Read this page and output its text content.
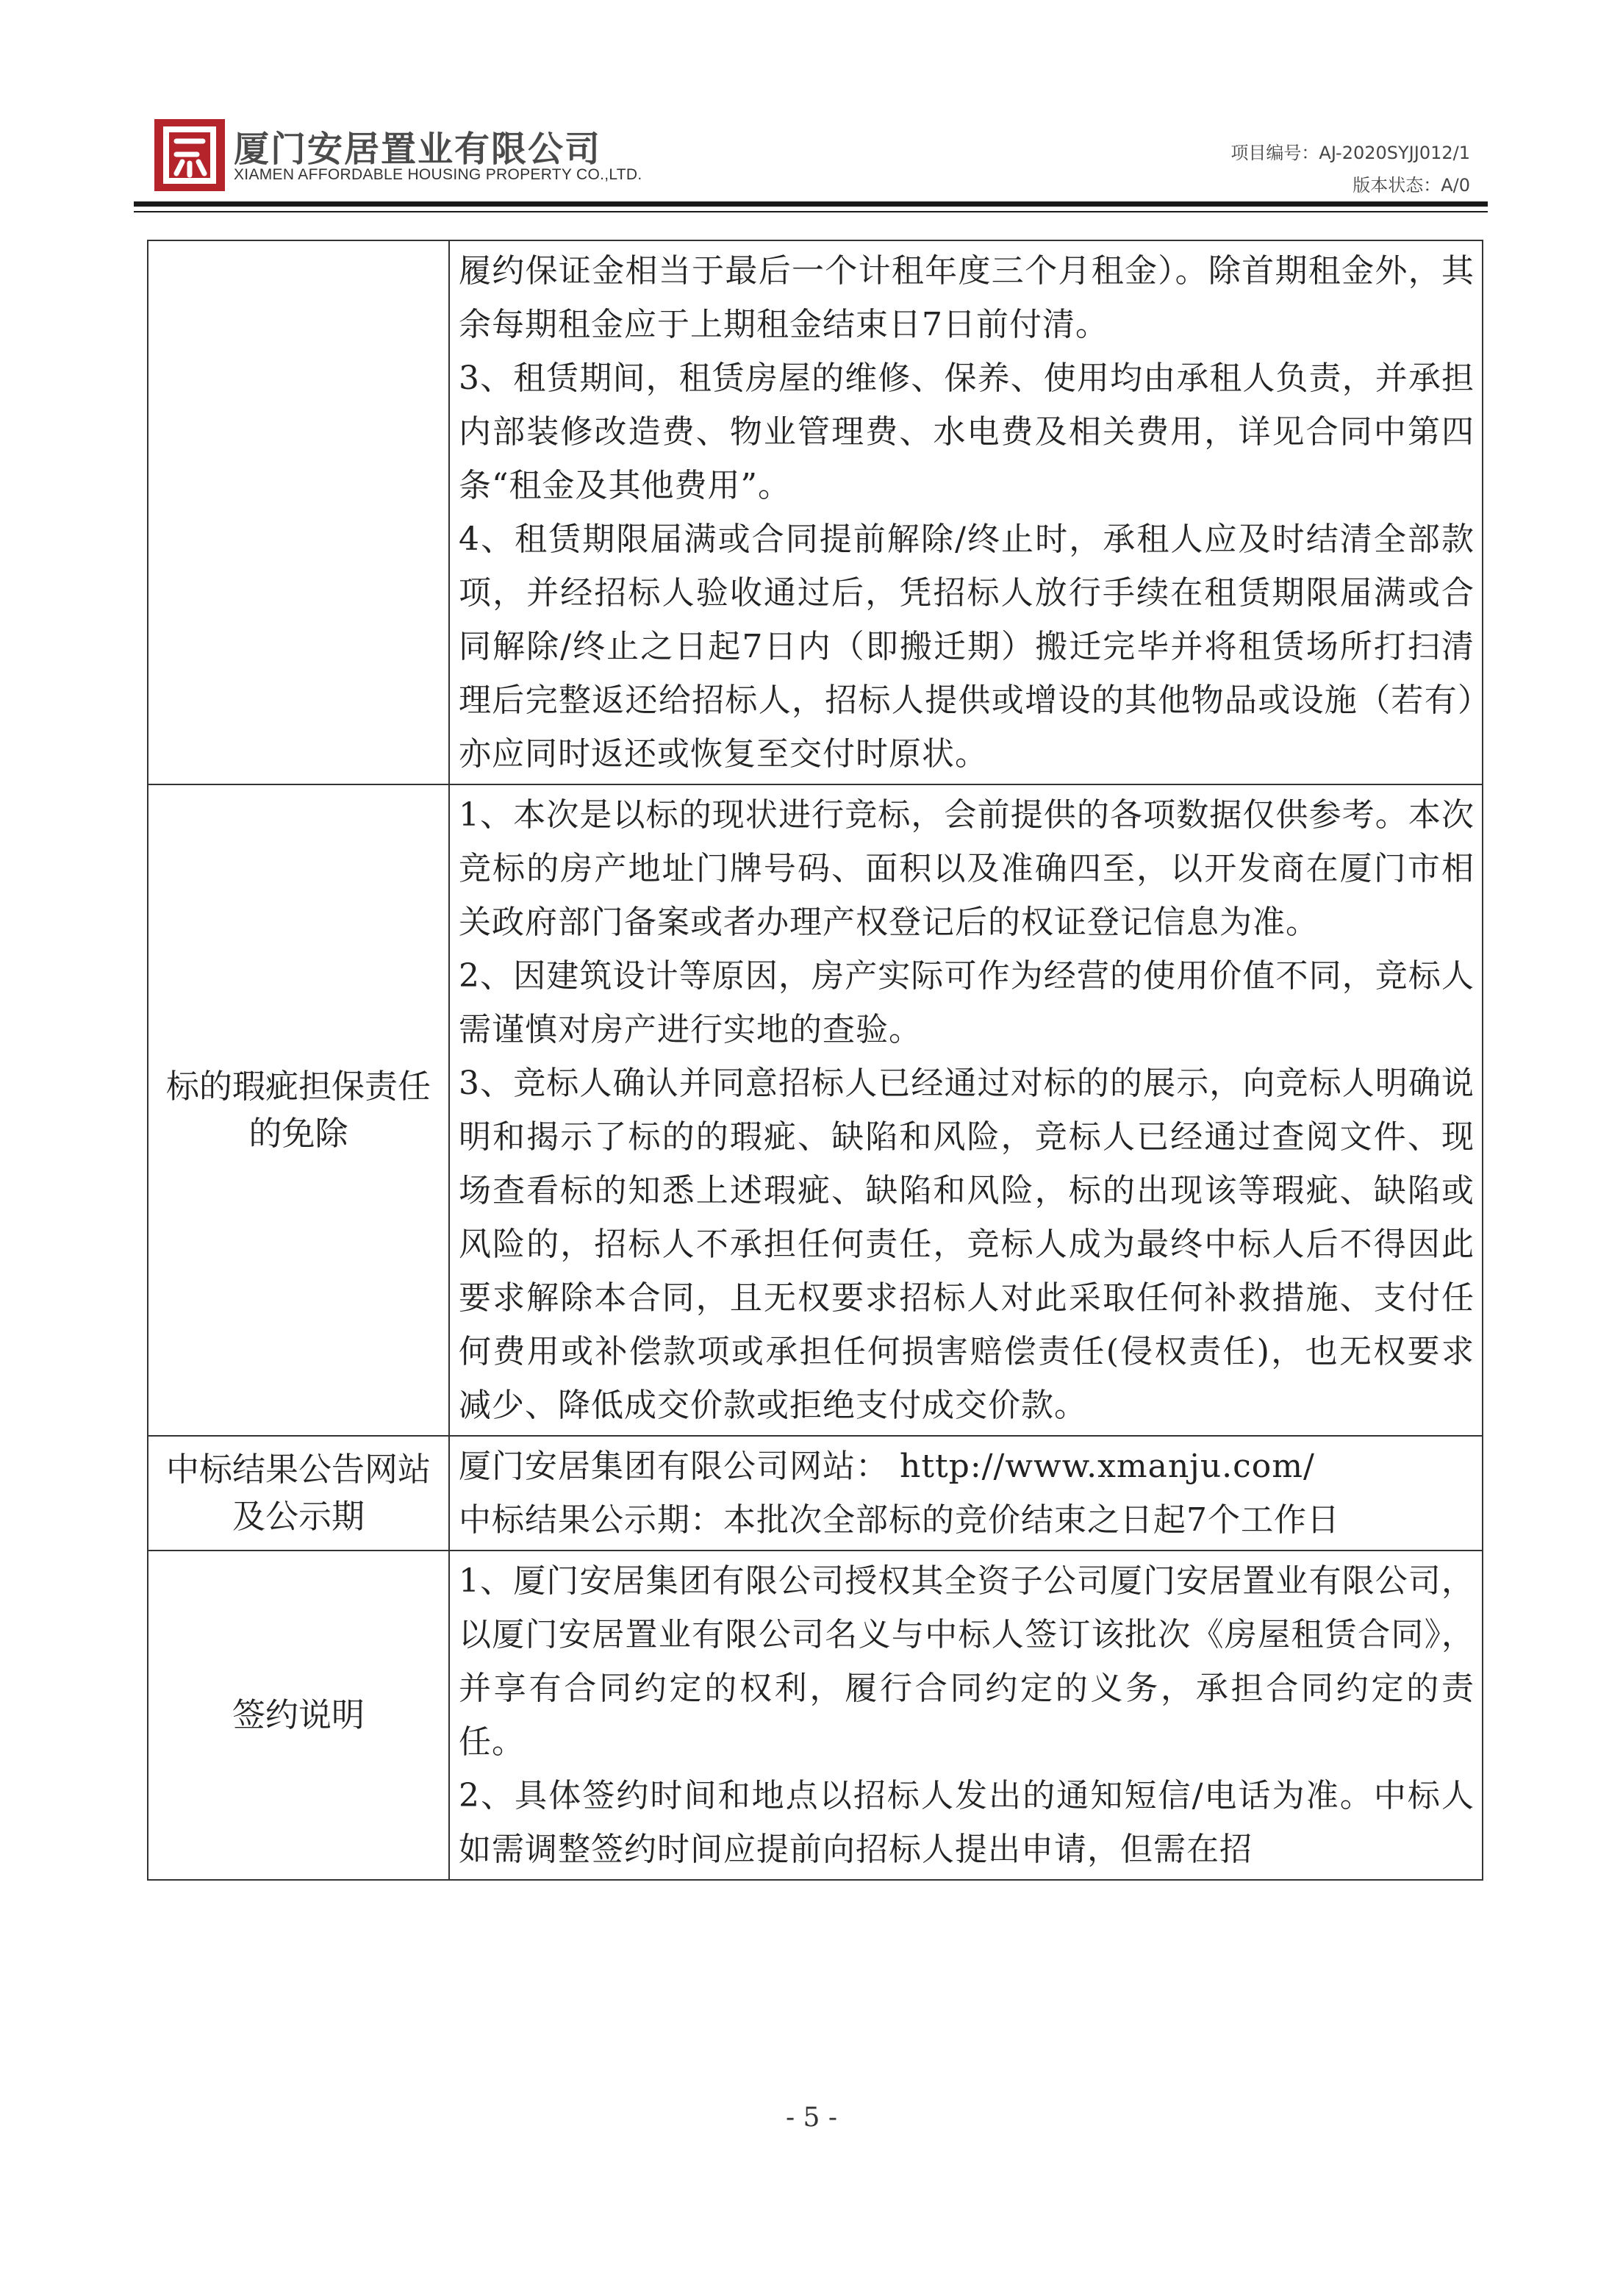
厦门安居置业有限公司
XIAMEN AFFORDABLE HOUSING PROPERTY CO.,LTD.
项目编号：AJ-2020SYJJ012/1
版本状态：A/0

	履约保证金相当于最后一个计租年度三个月租金）。除首期租金外，其余每期租金应于上期租金结束日7日前付清。

3、租赁期间，租赁房屋的维修、保养、使用均由承租人负责，并承担内部装修改造费、物业管理费、水电费及相关费用，详见合同中第四条“租金及其他费用”。

4、租赁期限届满或合同提前解除/终止时，承租人应及时结清全部款项，并经招标人验收通过后，凭招标人放行手续在租赁期限届满或合同解除/终止之日起7日内（即搬迁期）搬迁完毕并将租赁场所打扫清理后完整返还给招标人，招标人提供或增设的其他物品或设施（若有）亦应同时返还或恢复至交付时原状。

标的瑕疵担保责任的免除	1、本次是以标的现状进行竞标，会前提供的各项数据仅供参考。本次竞标的房产地址门牌号码、面积以及准确四至，以开发商在厦门市相关政府部门备案或者办理产权登记后的权证登记信息为准。

2、因建筑设计等原因，房产实际可作为经营的使用价值不同，竞标人需谨慎对房产进行实地的查验。

3、竞标人确认并同意招标人已经通过对标的的展示，向竞标人明确说明和揭示了标的的瑕疵、缺陷和风险，竞标人已经通过查阅文件、现场查看标的知悉上述瑕疵、缺陷和风险，标的出现该等瑕疵、缺陷或风险的，招标人不承担任何责任，竞标人成为最终中标人后不得因此要求解除本合同，且无权要求招标人对此采取任何补救措施、支付任何费用或补偿款项或承担任何损害赔偿责任(侵权责任)，也无权要求减少、降低成交价款或拒绝支付成交价款。

中标结果公告网站及公示期	厦门安居集团有限公司网站： http://www.xmanju.com/

中标结果公示期：本批次全部标的竞价结束之日起7个工作日

签约说明	1、厦门安居集团有限公司授权其全资子公司厦门安居置业有限公司，以厦门安居置业有限公司名义与中标人签订该批次《房屋租赁合同》，并享有合同约定的权利，履行合同约定的义务，承担合同约定的责任。

2、具体签约时间和地点以招标人发出的通知短信/电话为准。中标人如需调整签约时间应提前向招标人提出申请，但需在招

- 5 -
